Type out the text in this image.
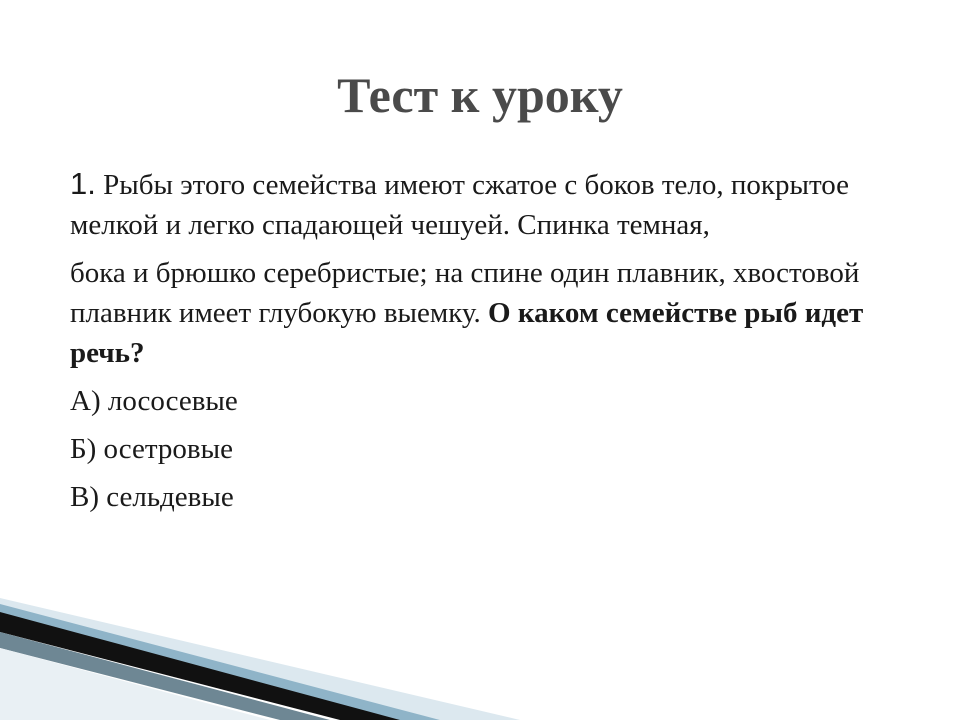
Тест к уроку

1. Рыбы этого семейства имеют сжатое с боков тело, покрытое мелкой и легко спадающей чешуей. Спинка темная,

бока и брюшко серебристые; на спине один плавник, хвостовой плавник имеет глубокую выемку. О каком семействе рыб идет речь?

А) лососевые

Б) осетровые

В) сельдевые
